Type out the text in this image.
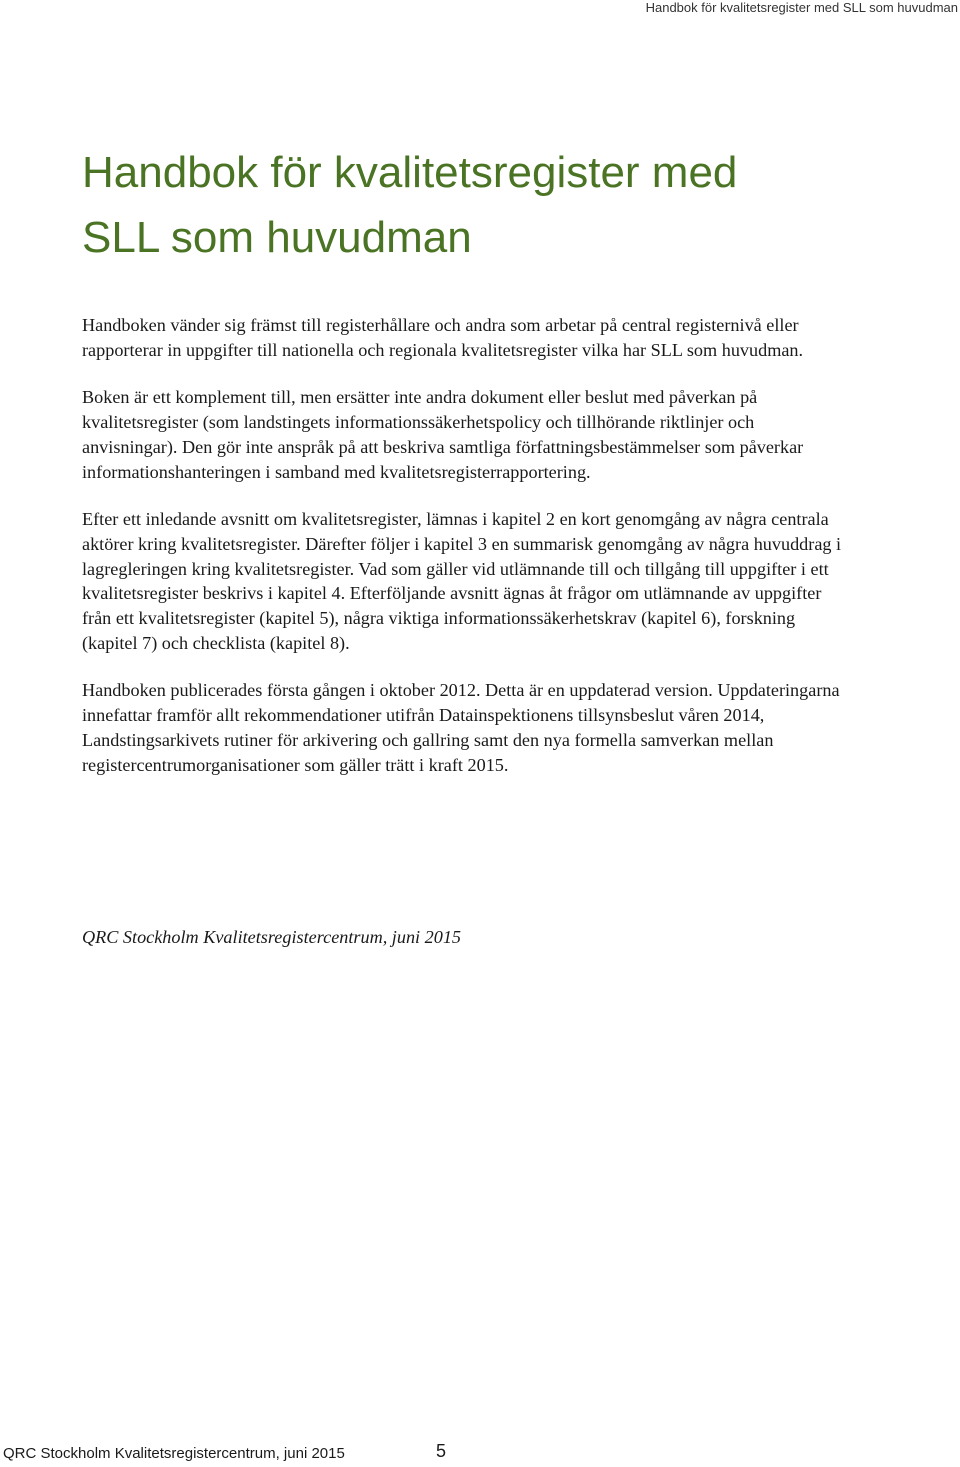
Handbok för kvalitetsregister med SLL som huvudman
Handbok för kvalitetsregister med
SLL som huvudman

Handboken vänder sig främst till registerhållare och andra som arbetar på central registernivå eller rapporterar in uppgifter till nationella och regionala kvalitetsregister vilka har SLL som huvudman.

Boken är ett komplement till, men ersätter inte andra dokument eller beslut med påverkan på kvalitetsregister (som landstingets informationssäkerhetspolicy och tillhörande riktlinjer och anvisningar). Den gör inte anspråk på att beskriva samtliga författningsbestämmelser som påverkar informationshanteringen i samband med kvalitetsregisterrapportering.

Efter ett inledande avsnitt om kvalitetsregister, lämnas i kapitel 2 en kort genomgång av några centrala aktörer kring kvalitetsregister. Därefter följer i kapitel 3 en summarisk genomgång av några huvuddrag i lagregleringen kring kvalitetsregister. Vad som gäller vid utlämnande till och tillgång till uppgifter i ett kvalitetsregister beskrivs i kapitel 4. Efterföljande avsnitt ägnas åt frågor om utlämnande av uppgifter från ett kvalitetsregister (kapitel 5), några viktiga informationssäkerhetskrav (kapitel 6), forskning (kapitel 7) och checklista (kapitel 8).

Handboken publicerades första gången i oktober 2012. Detta är en uppdaterad version. Uppdateringarna innefattar framför allt rekommendationer utifrån Datainspektionens tillsynsbeslut våren 2014, Landstingsarkivets rutiner för arkivering och gallring samt den nya formella samverkan mellan registercentrumorganisationer som gäller trätt i kraft 2015.

QRC Stockholm Kvalitetsregistercentrum, juni 2015
QRC Stockholm Kvalitetsregistercentrum, juni 2015	5
